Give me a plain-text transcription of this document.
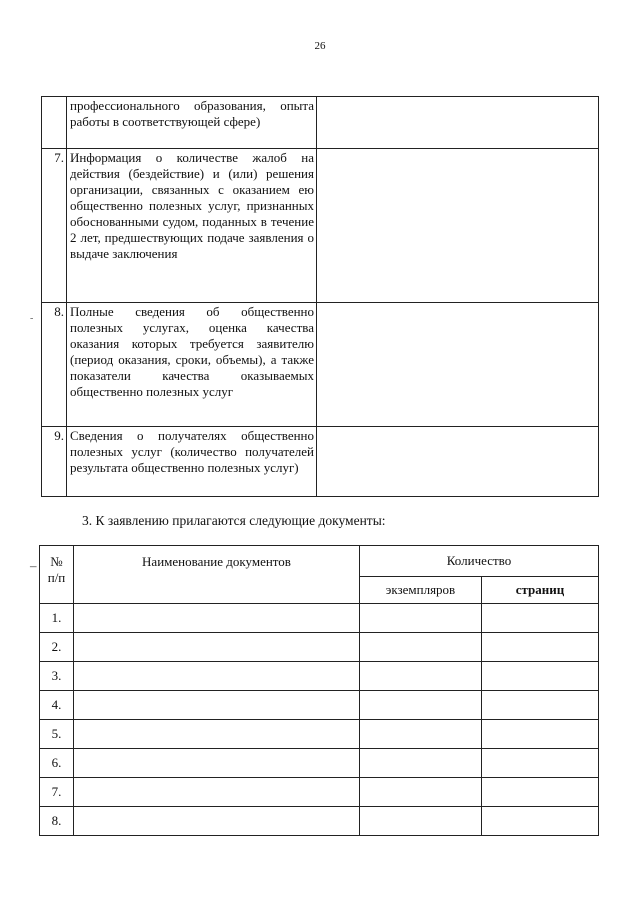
26
-
–
	профессионального образования, опыта работы в соответствующей сфере)	
7.	Информация о количестве жалоб на действия (бездействие) и (или) решения организации, связанных с оказанием ею общественно полезных услуг, признанных обоснованными судом, поданных в течение 2 лет, предшествующих подаче заявления о выдаче заключения	
8.	Полные сведения об общественно полезных услугах, оценка качества оказания которых требуется заявителю (период оказания, сроки, объемы), а также показатели качества оказываемых общественно полезных услуг	
9.	Сведения о получателях общественно полезных услуг (количество получателей результата общественно полезных услуг)	
3. К заявлению прилагаются следующие документы:
№ п/п	Наименование документов	Количество	
		экземпляров	страниц
1.			
2.			
3.			
4.			
5.			
6.			
7.			
8.			
